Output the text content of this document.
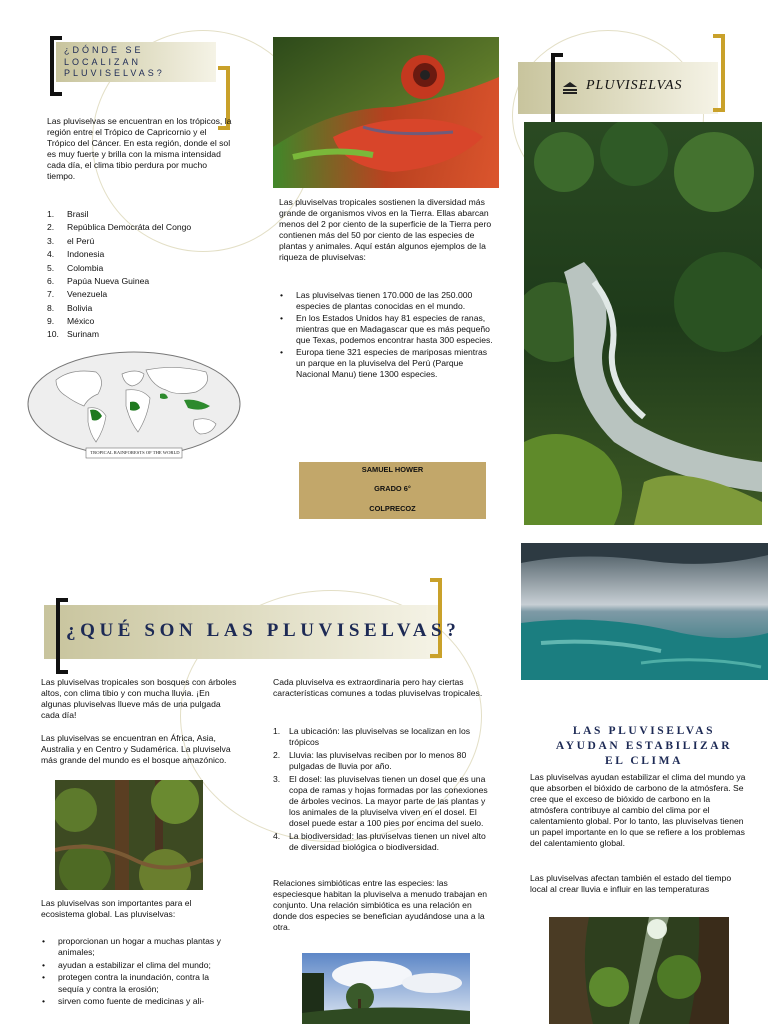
¿DÓNDE SE LOCALIZAN PLUVISELVAS?
Las pluviselvas se encuentran en los trópicos, la región entre el Trópico de Capricornio y el Trópico del Cáncer. En esta región, donde el sol es muy fuerte y brilla con la misma intensidad cada día, el clima tibio perdura por mucho tiempo.
1.	Brasil
2.	República Democráta del Congo
3.	el Perú
4.	Indonesia
5.	Colombia
6.	Papúa Nueva Guinea
7.	Venezuela
8.	Bolivia
9.	México
10. Surinam
TROPICAL RAINFORESTS OF THE WORLD
Las pluviselvas tropicales sostienen la diversidad más grande de organismos vivos en la Tierra. Ellas abarcan menos del 2 por ciento de la superficie de la Tierra pero contienen más del 50 por ciento de las especies de plantas y animales. Aquí están algunos ejemplos de la riqueza de pluviselvas:
•	Las pluviselvas tienen 170.000 de las 250.000 especies de plantas conocidas en el mundo.
•	En los Estados Unidos hay 81 especies de ranas, mientras que en Madagascar que es más pequeño que Texas, podemos encontrar hasta 300 especies.
•	Europa tiene 321 especies de mariposas mientras un parque en la pluviselva del Perú (Parque Nacional Manu) tiene 1300 especies.
SAMUEL HOWER
GRADO 6°
COLPRECOZ
PLUVISELVAS
¿QUÉ SON LAS PLUVISELVAS?
Las pluviselvas tropicales son bosques con árboles altos, con clima tibio y con mucha lluvia. ¡En algunas pluviselvas llueve más de una pulgada cada día!
Las pluviselvas se encuentran en África, Asia, Australia y en Centro y Sudamérica. La pluviselva más grande del mundo es el bosque amazónico.
Las pluviselvas son importantes para el ecosistema global. Las pluviselvas:
•	proporcionan un hogar a muchas plantas y animales;
•	ayudan a estabilizar el clima del mundo;
•	protegen contra la inundación, contra la sequía y contra la erosión;
•	sirven como fuente de medicinas y ali-
Cada pluviselva es extraordinaria pero hay ciertas características comunes a todas pluviselvas tropicales.
1.	La ubicación: las pluviselvas se localizan en los trópicos
2.	Lluvia: las pluviselvas reciben por lo menos 80 pulgadas de lluvia por año.
3.	El dosel: las pluviselvas tienen un dosel que es una copa de ramas y hojas formadas por las conexiones de árboles vecinos. La mayor parte de las plantas y los animales de la pluviselva viven en el dosel. El dosel puede estar a 100 pies por encima del suelo.
4.	La biodiversidad: las pluviselvas tienen un nivel alto de diversidad biológica o biodiversidad.
Relaciones simbióticas entre las especies: las especiesque habitan la pluviselva a menudo trabajan en conjunto. Una relación simbiótica es una relación en donde dos especies se benefician ayudándose una a la otra.
LAS PLUVISELVAS AYUDAN ESTABILIZAR EL CLIMA
Las pluviselvas ayudan estabilizar el clima del mundo ya que absorben el bióxido de carbono de la atmósfera. Se cree que el exceso de bióxido de carbono en la atmósfera contribuye al cambio del clima por el calentamiento global. Por lo tanto, las pluviselvas tienen un papel importante en lo que se refiere a los problemas del calentamiento global.
Las pluviselvas afectan también el estado del tiempo local al crear lluvia e influir en las temperaturas
